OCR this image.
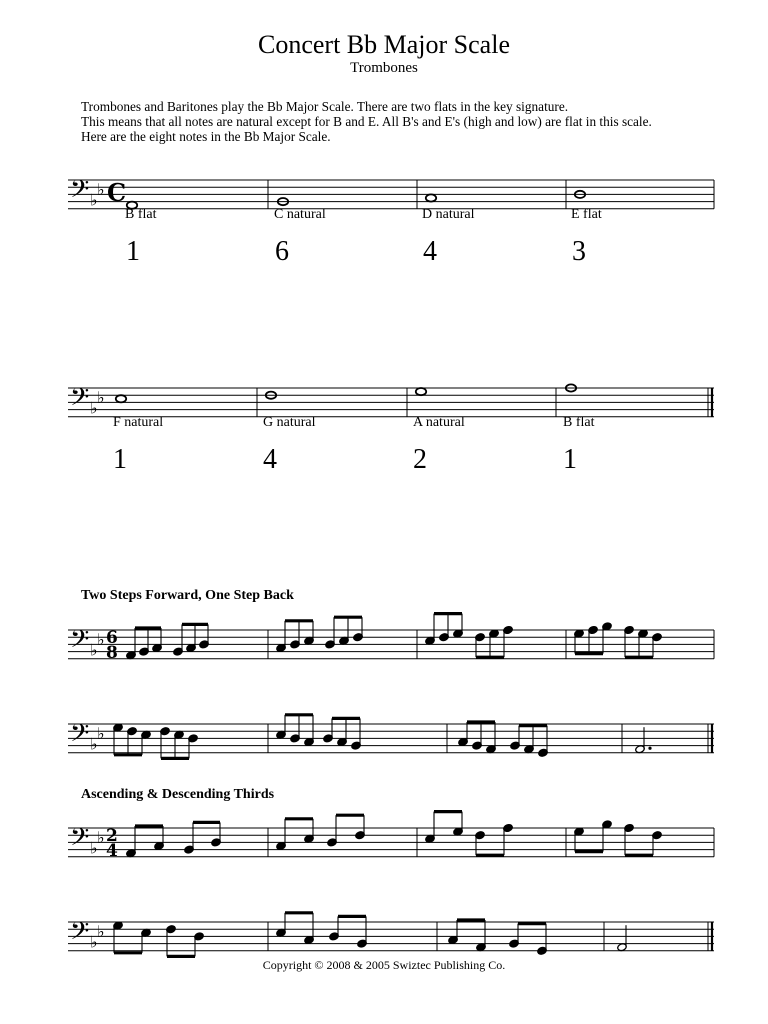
Concert Bb Major Scale
Trombones
Trombones and Baritones play the Bb Major Scale. There are two flats in the key signature.
This means that all notes are natural except for B and E. All B's and E's (high and low) are flat in this scale.
Here are the eight notes in the Bb Major Scale.
𝄢 ♭
♭ C
B flat	C natural	D natural	E flat
1	6	4	3
𝄢 ♭
♭
F natural	G natural	A natural	B flat
1	4	2	1
Two Steps Forward, One Step Back
𝄢 ♭
♭ 6
8
𝄢 ♭
♭
Ascending & Descending Thirds
𝄢 ♭
♭ 2
4
𝄢 ♭
♭
Copyright © 2008 & 2005 Swiztec Publishing Co.
